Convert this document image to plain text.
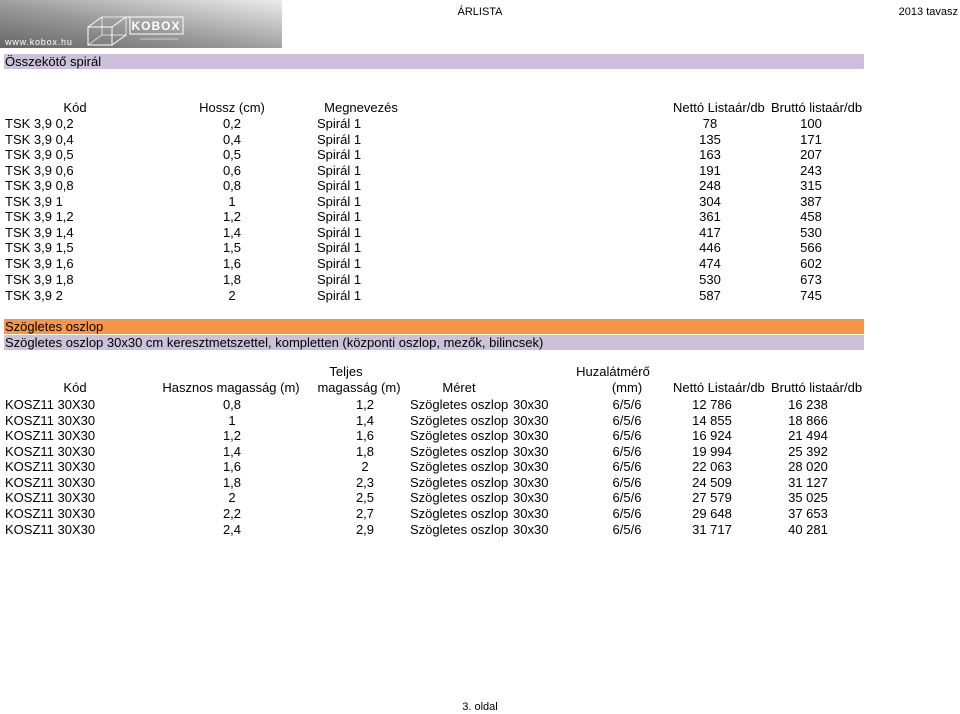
KOBOX
www.kobox.hu
ÁRLISTA	2013 tavasz
Összekötő spirál
Kód	Hossz (cm)	Megnevezés	Nettó Listaár/db Bruttó listaár/db
TSK 3,9 0,2	0,2	Spirál 1	78	100
TSK 3,9 0,4	0,4	Spirál 1	135	171
TSK 3,9 0,5	0,5	Spirál 1	163	207
TSK 3,9 0,6	0,6	Spirál 1	191	243
TSK 3,9 0,8	0,8	Spirál 1	248	315
TSK 3,9 1	1	Spirál 1	304	387
TSK 3,9 1,2	1,2	Spirál 1	361	458
TSK 3,9 1,4	1,4	Spirál 1	417	530
TSK 3,9 1,5	1,5	Spirál 1	446	566
TSK 3,9 1,6	1,6	Spirál 1	474	602
TSK 3,9 1,8	1,8	Spirál 1	530	673
TSK 3,9 2	2	Spirál 1	587	745
Szögletes oszlop
Szögletes oszlop 30x30 cm keresztmetszettel, kompletten (központi oszlop, mezők, bilincsek)
Teljes	Huzalátmérő
Kód	Hasznos magasság (m)	magasság (m)	Méret	(mm)	Nettó Listaár/db Bruttó listaár/db
KOSZ11 30X30	0,8	1,2	Szögletes oszlop 30x30	6/5/6	12 786	16 238
KOSZ11 30X30	1	1,4	Szögletes oszlop 30x30	6/5/6	14 855	18 866
KOSZ11 30X30	1,2	1,6	Szögletes oszlop 30x30	6/5/6	16 924	21 494
KOSZ11 30X30	1,4	1,8	Szögletes oszlop 30x30	6/5/6	19 994	25 392
KOSZ11 30X30	1,6	2	Szögletes oszlop 30x30	6/5/6	22 063	28 020
KOSZ11 30X30	1,8	2,3	Szögletes oszlop 30x30	6/5/6	24 509	31 127
KOSZ11 30X30	2	2,5	Szögletes oszlop 30x30	6/5/6	27 579	35 025
KOSZ11 30X30	2,2	2,7	Szögletes oszlop 30x30	6/5/6	29 648	37 653
KOSZ11 30X30	2,4	2,9	Szögletes oszlop 30x30	6/5/6	31 717	40 281
3. oldal
